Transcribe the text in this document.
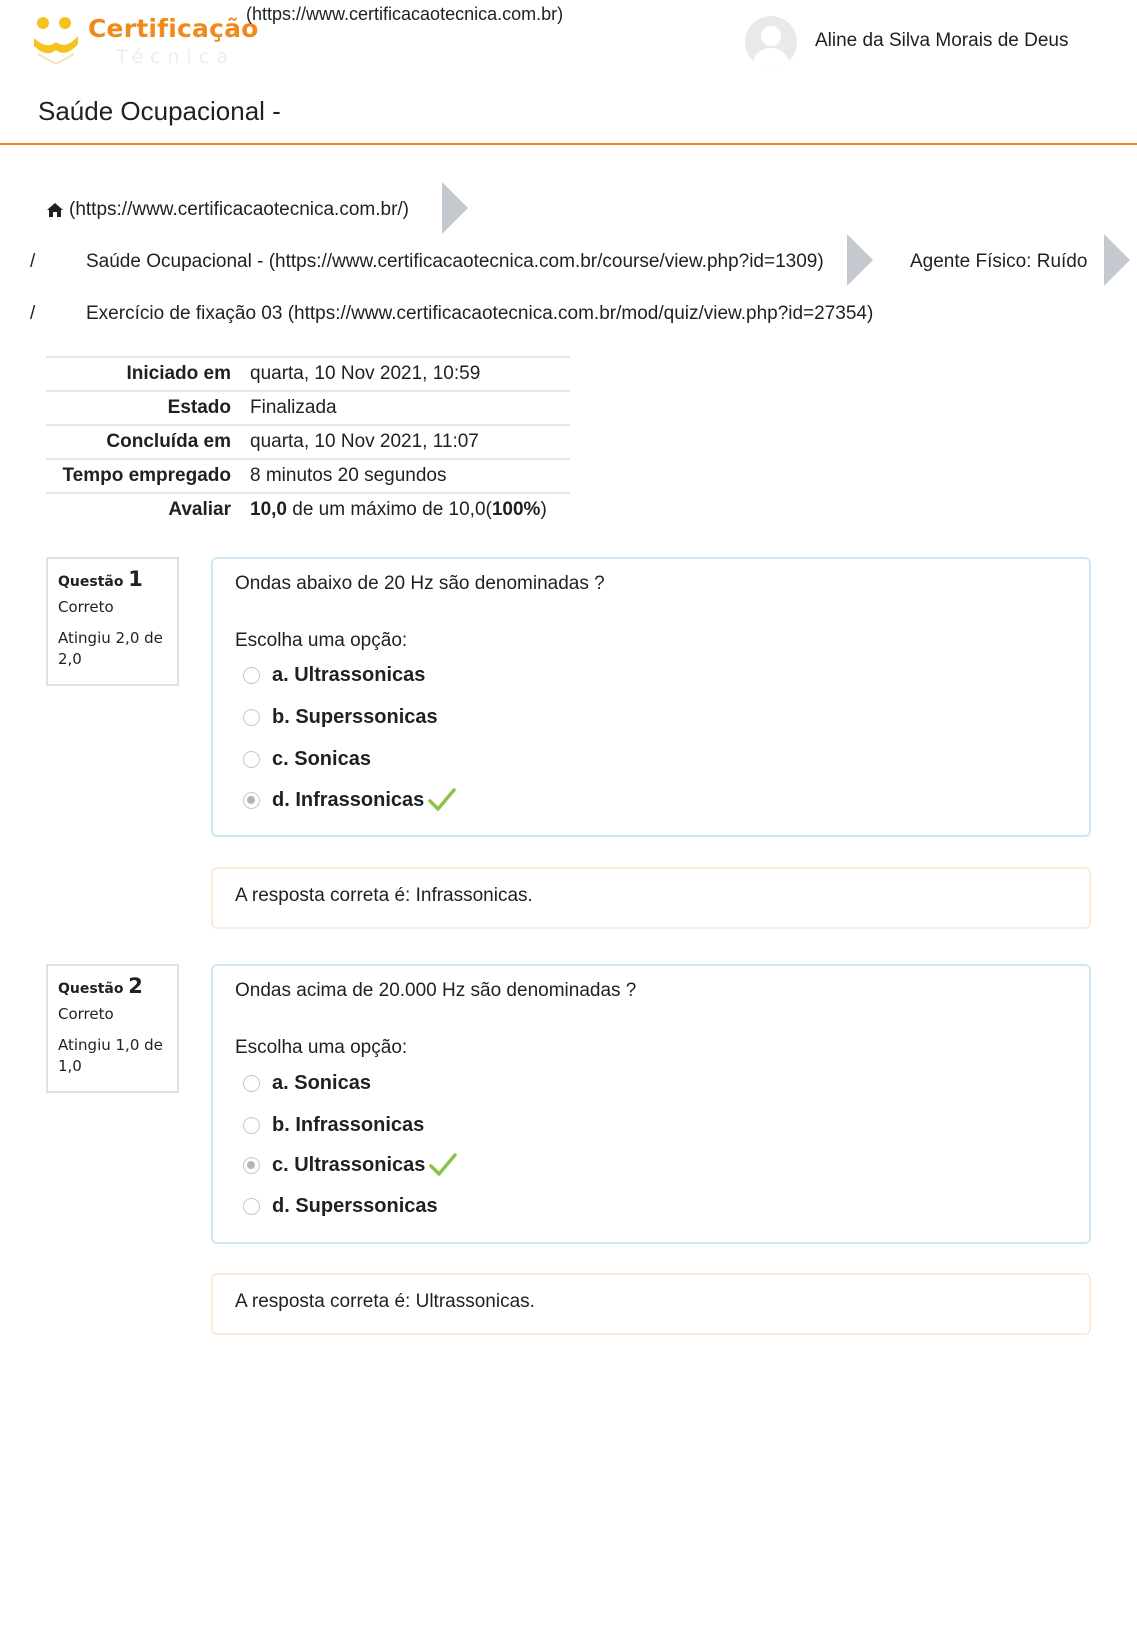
Certificação
Técnica
(https://www.certificacaotecnica.com.br)
Aline da Silva Morais de Deus
Saúde Ocupacional -
(https://www.certificacaotecnica.com.br/)
/	Saúde Ocupacional - (https://www.certificacaotecnica.com.br/course/view.php?id=1309)	Agente Físico: Ruído
/	Exercício de fixação 03 (https://www.certificacaotecnica.com.br/mod/quiz/view.php?id=27354)
Iniciado em	quarta, 10 Nov 2021, 10:59
Estado	Finalizada
Concluída em	quarta, 10 Nov 2021, 11:07
Tempo empregado	8 minutos 20 segundos
Avaliar	10,0 de um máximo de 10,0(100%)
Questão 1
Correto
Atingiu 2,0 de 2,0
Ondas abaixo de 20 Hz são denominadas ?
Escolha uma opção:
a. Ultrassonicas
b. Superssonicas
c. Sonicas
d. Infrassonicas
A resposta correta é: Infrassonicas.
Questão 2
Correto
Atingiu 1,0 de 1,0
Ondas acima de 20.000 Hz são denominadas ?
Escolha uma opção:
a. Sonicas
b. Infrassonicas
c. Ultrassonicas
d. Superssonicas
A resposta correta é: Ultrassonicas.
